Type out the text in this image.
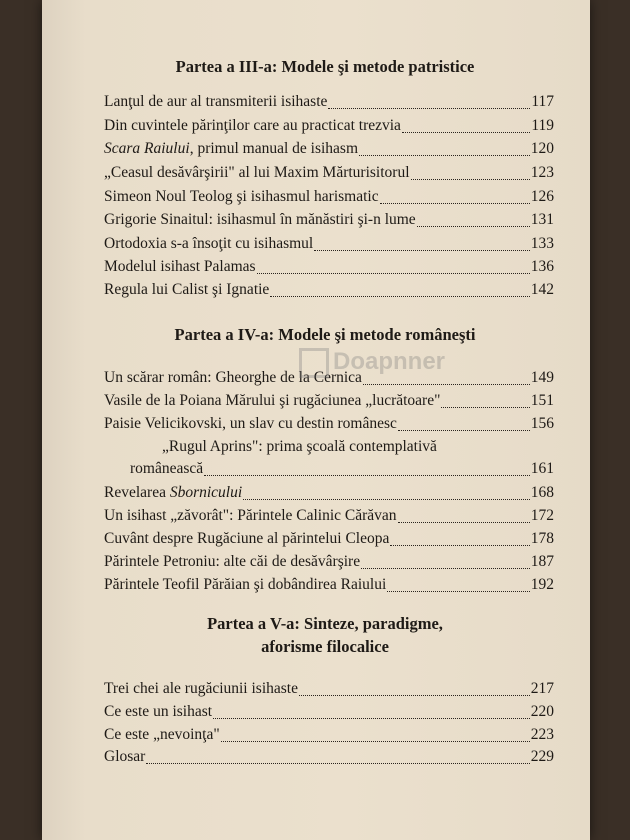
Partea a III-a: Modele şi metode patristice
Lanţul de aur al transmiterii isihaste	117
Din cuvintele părinţilor care au practicat trezvia	119
Scara Raiului, primul manual de isihasm	120
„Ceasul desăvârşirii" al lui Maxim Mărturisitorul	123
Simeon Noul Teolog şi isihasmul harismatic	126
Grigorie Sinaitul: isihasmul în mănăstiri şi-n lume	131
Ortodoxia s-a însoţit cu isihasmul	133
Modelul isihast Palamas	136
Regula lui Calist şi Ignatie	142
Partea a IV-a: Modele şi metode româneşti
Un scărar român: Gheorghe de la Cernica	149
Vasile de la Poiana Mărului şi rugăciunea „lucrătoare"	151
Paisie Velicikovski, un slav cu destin românesc	156
„Rugul Aprins": prima şcoală contemplativă
românească	161
Revelarea Sbornicului	168
Un isihast „zăvorât": Părintele Calinic Cărăvan	172
Cuvânt despre Rugăciune al părintelui Cleopa	178
Părintele Petroniu: alte căi de desăvârşire	187
Părintele Teofil Părăian şi dobândirea Raiului	192
Partea a V-a: Sinteze, paradigme,
aforisme filocalice
Trei chei ale rugăciunii isihaste	217
Ce este un isihast	220
Ce este „nevoinţa"	223
Glosar	229
Doapnner
